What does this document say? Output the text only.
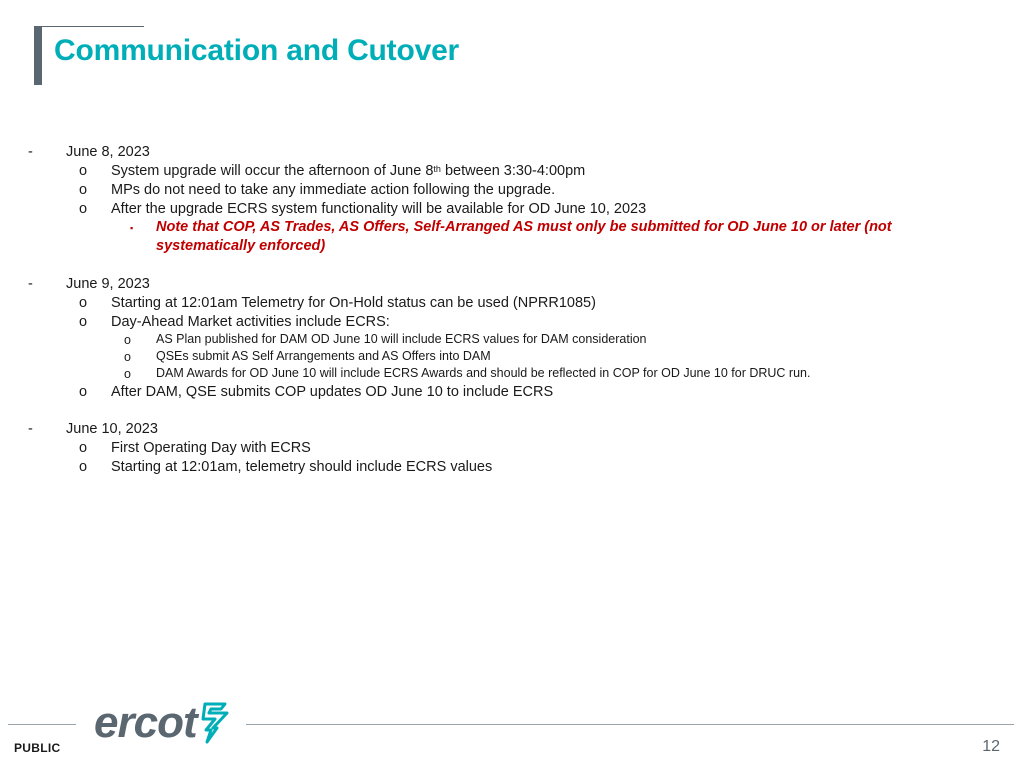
Communication and Cutover
- June 8, 2023
o System upgrade will occur the afternoon of June 8th between 3:30-4:00pm
o MPs do not need to take any immediate action following the upgrade.
o After the upgrade ECRS system functionality will be available for OD June 10, 2023
▪ Note that COP, AS Trades, AS Offers, Self-Arranged AS must only be submitted for OD June 10 or later (not systematically enforced)
- June 9, 2023
o Starting at 12:01am Telemetry for On-Hold status can be used (NPRR1085)
o Day-Ahead Market activities include ECRS:
o AS Plan published for DAM OD June 10 will include ECRS values for DAM consideration
o QSEs submit AS Self Arrangements and AS Offers into DAM
o DAM Awards for OD June 10 will include ECRS Awards and should be reflected in COP for OD June 10 for DRUC run.
o After DAM, QSE submits COP updates OD June 10 to include ECRS
- June 10, 2023
o First Operating Day with ECRS
o Starting at 12:01am, telemetry should include ECRS values
ercot
PUBLIC	12
